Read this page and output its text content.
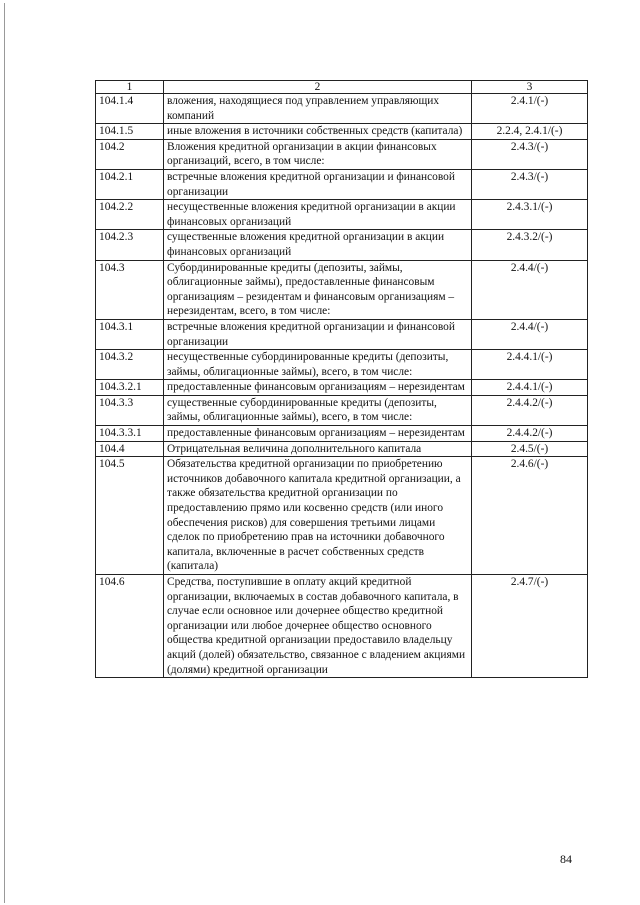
1	2	3
104.1.4	вложения, находящиеся под управлением управляющих компаний	2.4.1/(-)
104.1.5	иные вложения в источники собственных средств (капитала)	2.2.4, 2.4.1/(-)
104.2	Вложения кредитной организации в акции финансовых организаций, всего, в том числе:	2.4.3/(-)
104.2.1	встречные вложения кредитной организации и финансовой организации	2.4.3/(-)
104.2.2	несущественные вложения кредитной организации в акции финансовых организаций	2.4.3.1/(-)
104.2.3	существенные вложения кредитной организации в акции финансовых организаций	2.4.3.2/(-)
104.3	Субординированные кредиты (депозиты, займы, облигационные займы), предоставленные финансовым организациям – резидентам и финансовым организациям – нерезидентам, всего, в том числе:	2.4.4/(-)
104.3.1	встречные вложения кредитной организации и финансовой организации	2.4.4/(-)
104.3.2	несущественные субординированные кредиты (депозиты, займы, облигационные займы), всего, в том числе:	2.4.4.1/(-)
104.3.2.1	предоставленные финансовым организациям – нерезидентам	2.4.4.1/(-)
104.3.3	существенные субординированные кредиты (депозиты, займы, облигационные займы), всего, в том числе:	2.4.4.2/(-)
104.3.3.1	предоставленные финансовым организациям – нерезидентам	2.4.4.2/(-)
104.4	Отрицательная величина дополнительного капитала	2.4.5/(-)
104.5	Обязательства кредитной организации по приобретению источников добавочного капитала кредитной организации, а также обязательства кредитной организации по предоставлению прямо или косвенно средств (или иного обеспечения рисков) для совершения третьими лицами сделок по приобретению прав на источники добавочного капитала, включенные в расчет собственных средств (капитала)	2.4.6/(-)
104.6	Средства, поступившие в оплату акций кредитной организации, включаемых в состав добавочного капитала, в случае если основное или дочернее общество кредитной организации или любое дочернее общество основного общества кредитной организации предоставило владельцу акций (долей) обязательство, связанное с владением акциями (долями) кредитной организации	2.4.7/(-)
84
